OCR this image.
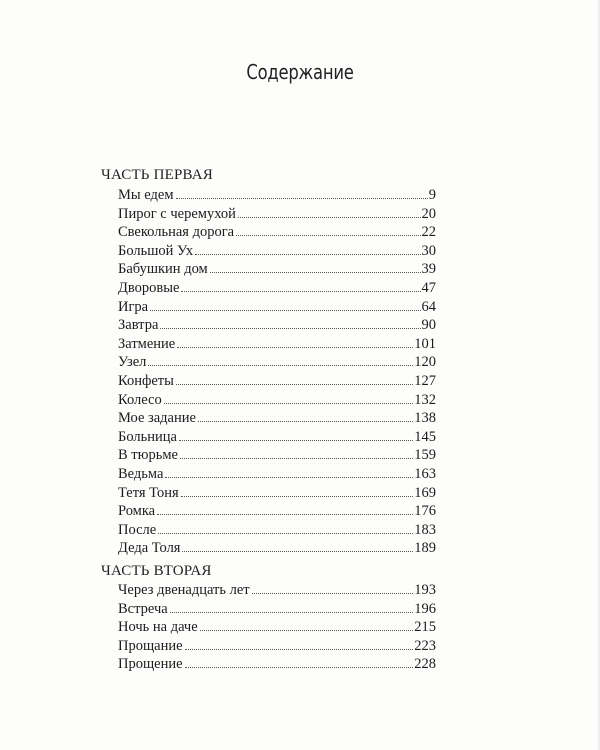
Содержание
ЧАСТЬ ПЕРВАЯ
Мы едем	9
Пирог с черемухой	20
Свекольная дорога	22
Большой Ух	30
Бабушкин дом	39
Дворовые	47
Игра	64
Завтра	90
Затмение	101
Узел	120
Конфеты	127
Колесо	132
Мое задание	138
Больница	145
В тюрьме	159
Ведьма	163
Тетя Тоня	169
Ромка	176
После	183
Деда Толя	189
ЧАСТЬ ВТОРАЯ
Через двенадцать лет	193
Встреча	196
Ночь на даче	215
Прощание	223
Прощение	228
